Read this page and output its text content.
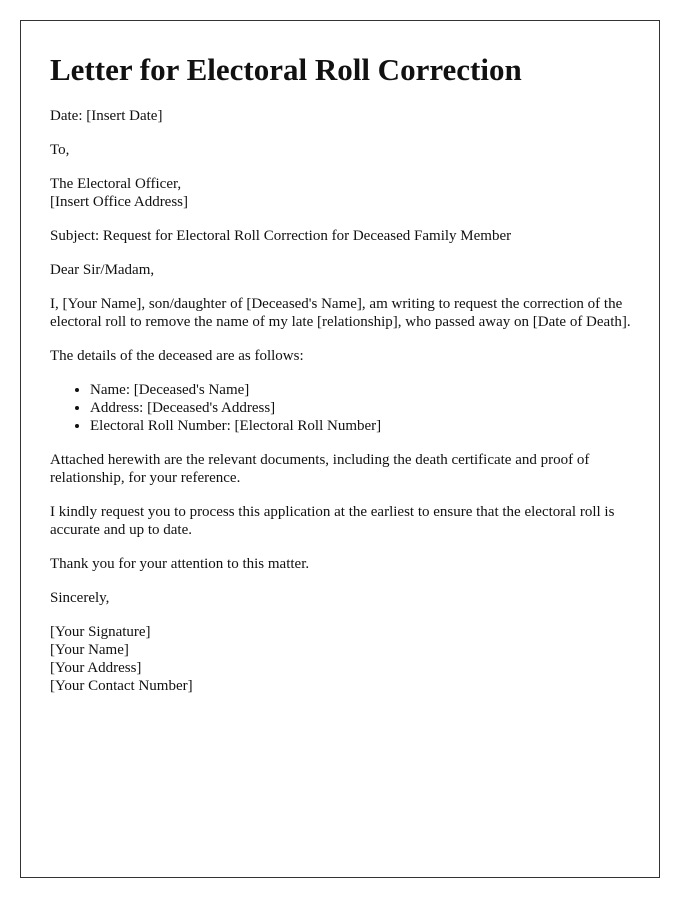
Letter for Electoral Roll Correction

Date: [Insert Date]

To,

The Electoral Officer,
[Insert Office Address]

Subject: Request for Electoral Roll Correction for Deceased Family Member

Dear Sir/Madam,

I, [Your Name], son/daughter of [Deceased's Name], am writing to request the correction of the electoral roll to remove the name of my late [relationship], who passed away on [Date of Death].

The details of the deceased are as follows:

• Name: [Deceased's Name]
• Address: [Deceased's Address]
• Electoral Roll Number: [Electoral Roll Number]

Attached herewith are the relevant documents, including the death certificate and proof of relationship, for your reference.

I kindly request you to process this application at the earliest to ensure that the electoral roll is accurate and up to date.

Thank you for your attention to this matter.

Sincerely,

[Your Signature]
[Your Name]
[Your Address]
[Your Contact Number]
